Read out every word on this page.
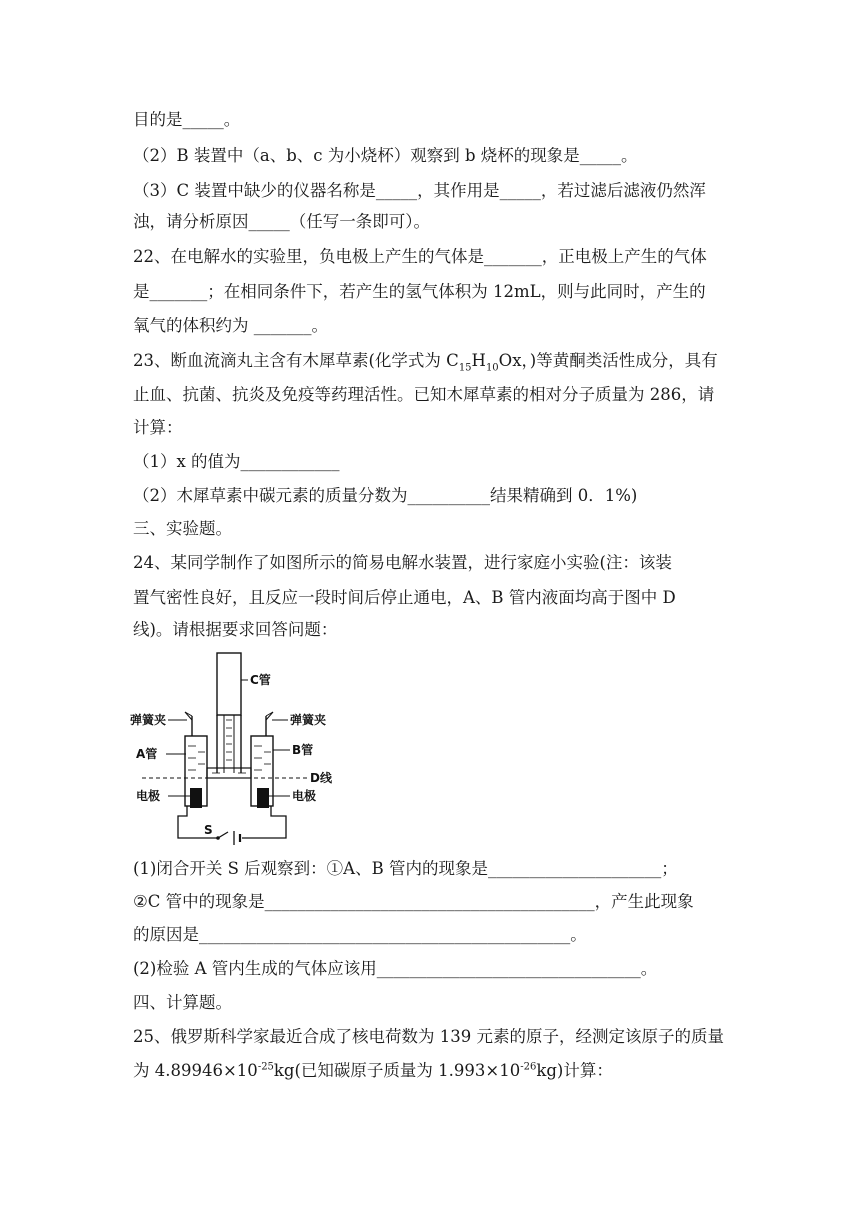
目的是_____。
（2）B 装置中（a、b、c 为小烧杯）观察到 b 烧杯的现象是_____。
（3）C 装置中缺少的仪器名称是_____，其作用是_____，若过滤后滤液仍然浑
浊，请分析原因_____（任写一条即可）。
22、在电解水的实验里，负电极上产生的气体是_______，正电极上产生的气体
是_______；在相同条件下，若产生的氢气体积为 12mL，则与此同时，产生的
氧气的体积约为 _______。
23、断血流滴丸主含有木犀草素(化学式为 $C_{15}H_{10}Ox$，)等黄酮类活性成分，具有
止血、抗菌、抗炎及免疫等药理活性。已知木犀草素的相对分子质量为 286，请
计算：
（1）x 的值为____________
（2）木犀草素中碳元素的质量分数为__________结果精确到 0．1%)
三、实验题。
24、某同学制作了如图所示的简易电解水装置，进行家庭小实验(注：该装
置气密性良好，且反应一段时间后停止通电，A、B 管内液面均高于图中 D
线)。请根据要求回答问题：
C管
弹簧夹	弹簧夹
A管	B管
D线
电极	电极
S
(1)闭合开关 S 后观察到：①A、B 管内的现象是_____________________；
②C 管中的现象是________________________________________，产生此现象
的原因是_____________________________________________。
(2)检验 A 管内生成的气体应该用________________________________。
四、计算题。
25、俄罗斯科学家最近合成了核电荷数为 139 元素的原子，经测定该原子的质量
为 $4.89946\times 10^{-25}kg$(已知碳原子质量为 $1.993\times 10^{-26}kg$)计算：
